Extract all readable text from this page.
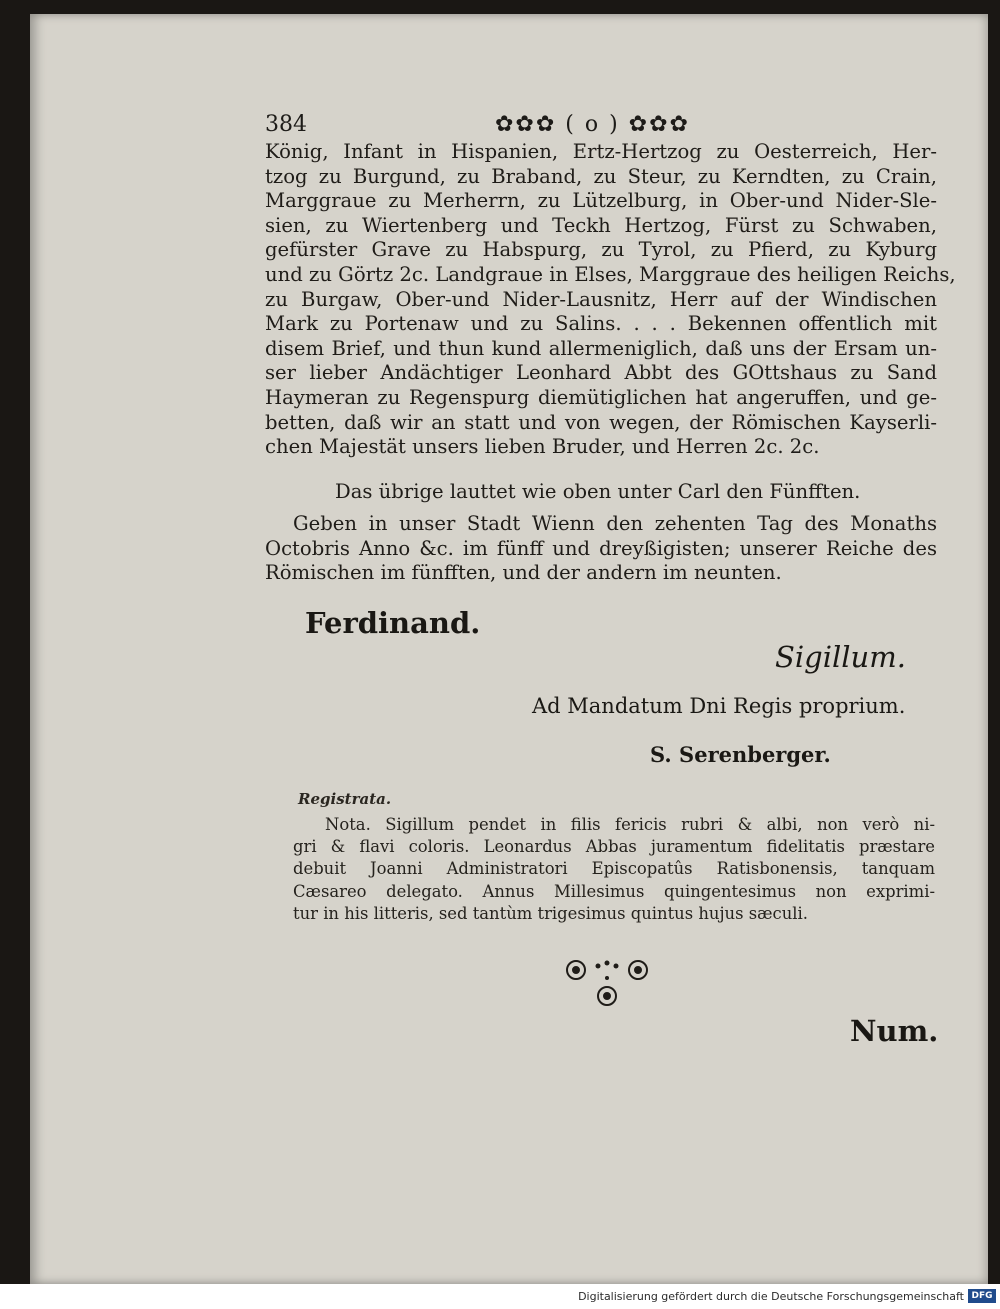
384	✿✿✿ ( o ) ✿✿✿
König, Infant in Hispanien, Ertz-Hertzog zu Oesterreich, Her-
tzog zu Burgund, zu Braband, zu Steur, zu Kerndten, zu Crain,
Marggraue zu Merherrn, zu Lützelburg, in Ober-und Nider-Sle-
sien, zu Wiertenberg und Teckh Hertzog, Fürst zu Schwaben,
gefürster Grave zu Habspurg, zu Tyrol, zu Pfierd, zu Kyburg
und zu Görtz 2c. Landgraue in Elses, Marggraue des heiligen Reichs,
zu Burgaw, Ober-und Nider-Lausnitz, Herr auf der Windischen
Mark zu Portenaw und zu Salins. . . . Bekennen offentlich mit
disem Brief, und thun kund allermeniglich, daß uns der Ersam un-
ser lieber Andächtiger Leonhard Abbt des GOttshaus zu Sand
Haymeran zu Regenspurg diemütiglichen hat angeruffen, und ge-
betten, daß wir an statt und von wegen, der Römischen Kayserli-
chen Majestät unsers lieben Bruder, und Herren 2c. 2c.
Das übrige lauttet wie oben unter Carl den Fünfften.
Geben in unser Stadt Wienn den zehenten Tag des Monaths
Octobris Anno &c. im fünff und dreyßigisten; unserer Reiche des
Römischen im fünfften, und der andern im neunten.
Ferdinand.
Sigillum.
Ad Mandatum Dni Regis proprium.
S. Serenberger.
Registrata.
Nota. Sigillum pendet in filis fericis rubri & albi, non verò ni-
gri & flavi coloris. Leonardus Abbas juramentum fidelitatis præstare
debuit Joanni Administratori Episcopatûs Ratisbonensis, tanquam
Cæsareo delegato. Annus Millesimus quingentesimus non exprimi-
tur in his litteris, sed tantùm trigesimus quintus hujus sæculi.
Num.
Digitalisierung gefördert durch die Deutsche Forschungsgemeinschaft DFG
